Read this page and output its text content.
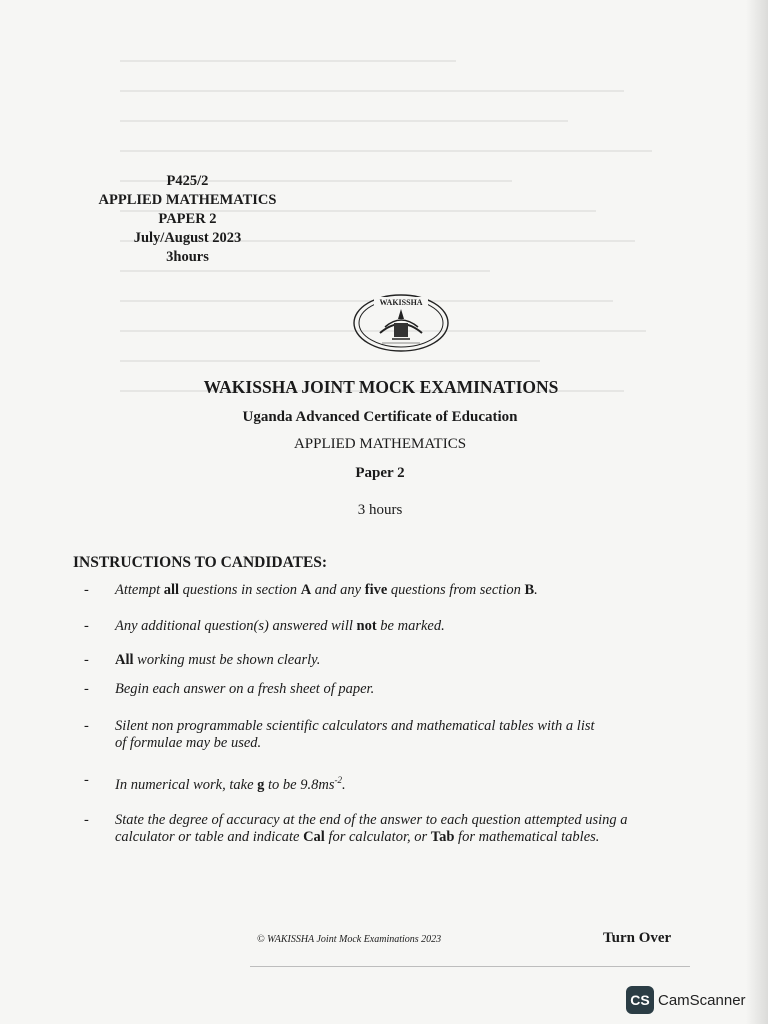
P425/2
APPLIED MATHEMATICS
PAPER 2
July/August 2023
3hours
WAKISSHA
WAKISSHA JOINT MOCK EXAMINATIONS
Uganda Advanced Certificate of Education
APPLIED MATHEMATICS
Paper 2
3 hours
INSTRUCTIONS TO CANDIDATES:
- Attempt all questions in section A and any five questions from section B.
- Any additional question(s) answered will not be marked.
- All working must be shown clearly.
- Begin each answer on a fresh sheet of paper.
- Silent non programmable scientific calculators and mathematical tables with a list of formulae may be used.
- In numerical work, take g to be $9.8ms^{-2}$.
- State the degree of accuracy at the end of the answer to each question attempted using a calculator or table and indicate Cal for calculator, or Tab for mathematical tables.
© WAKISSHA Joint Mock Examinations 2023	Turn Over
CS CamScanner
